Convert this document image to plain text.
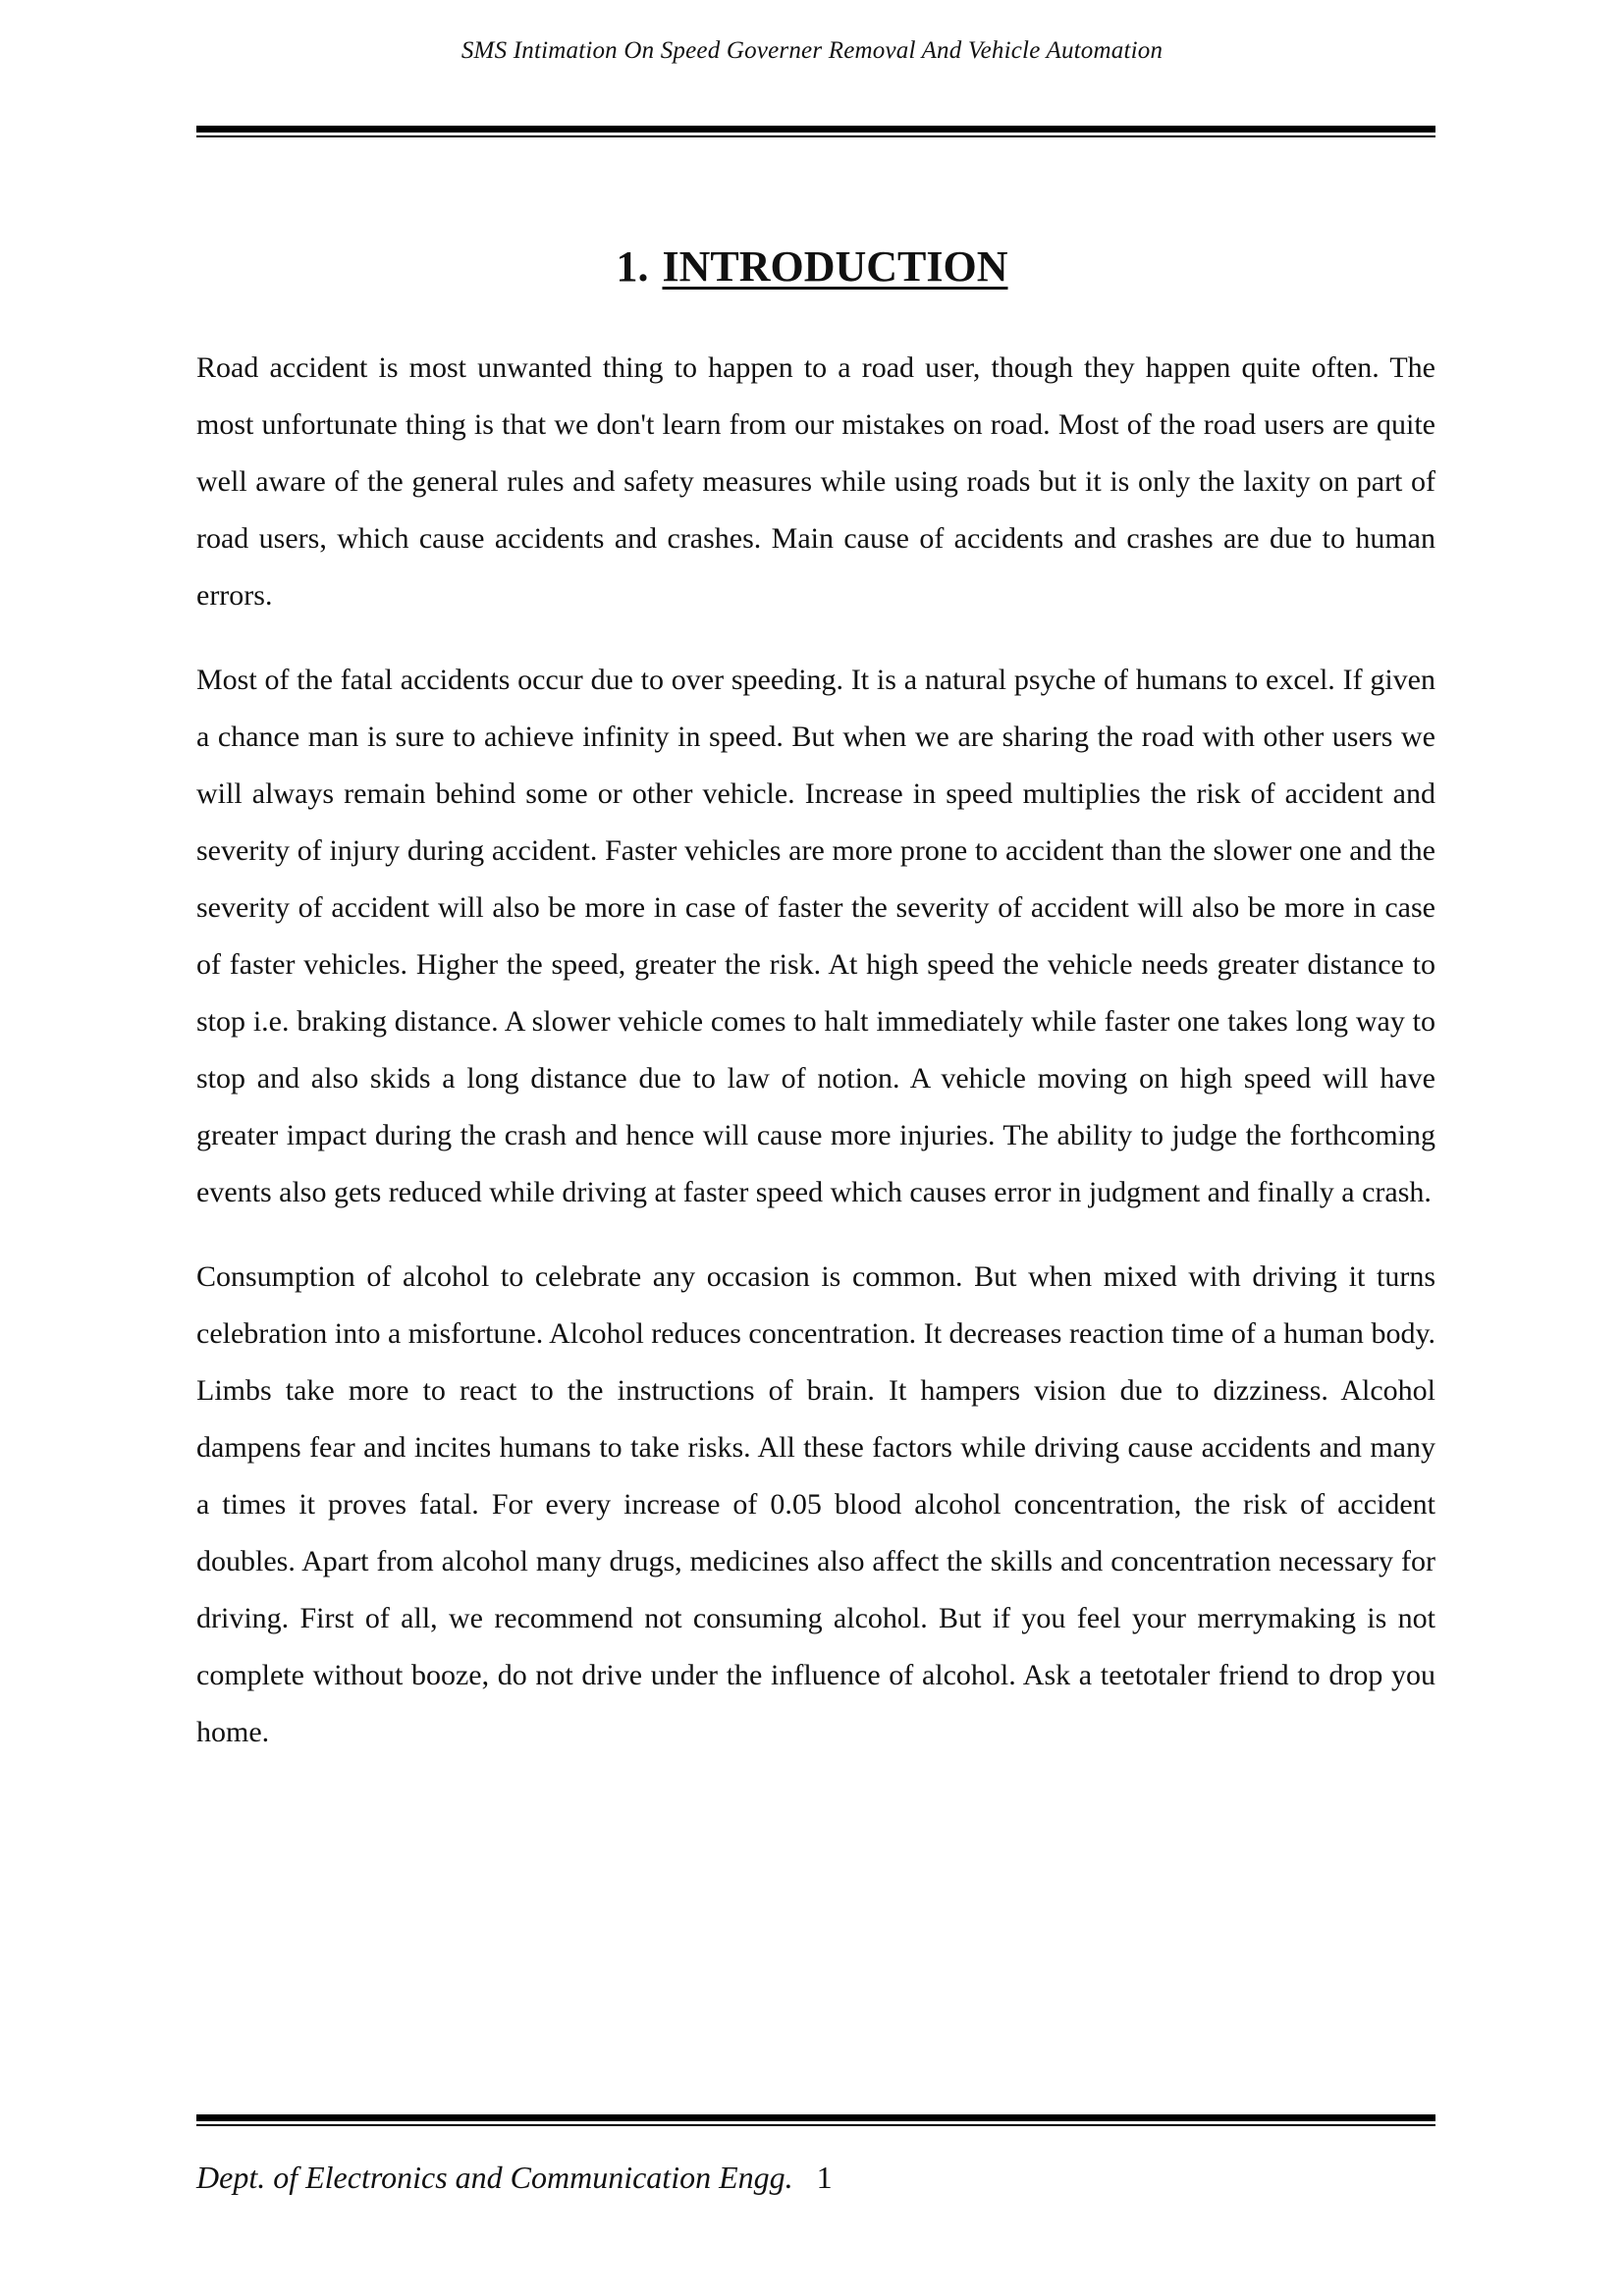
SMS Intimation On Speed Governer Removal And Vehicle Automation
1. INTRODUCTION

Road accident is most unwanted thing to happen to a road user, though they happen quite often. The most unfortunate thing is that we don't learn from our mistakes on road. Most of the road users are quite well aware of the general rules and safety measures while using roads but it is only the laxity on part of road users, which cause accidents and crashes. Main cause of accidents and crashes are due to human errors.

Most of the fatal accidents occur due to over speeding. It is a natural psyche of humans to excel. If given a chance man is sure to achieve infinity in speed. But when we are sharing the road with other users we will always remain behind some or other vehicle. Increase in speed multiplies the risk of accident and severity of injury during accident. Faster vehicles are more prone to accident than the slower one and the severity of accident will also be more in case of faster the severity of accident will also be more in case of faster vehicles. Higher the speed, greater the risk. At high speed the vehicle needs greater distance to stop i.e. braking distance. A slower vehicle comes to halt immediately while faster one takes long way to stop and also skids a long distance due to law of notion. A vehicle moving on high speed will have greater impact during the crash and hence will cause more injuries. The ability to judge the forthcoming events also gets reduced while driving at faster speed which causes error in judgment and finally a crash.

Consumption of alcohol to celebrate any occasion is common. But when mixed with driving it turns celebration into a misfortune. Alcohol reduces concentration. It decreases reaction time of a human body. Limbs take more to react to the instructions of brain. It hampers vision due to dizziness. Alcohol dampens fear and incites humans to take risks. All these factors while driving cause accidents and many a times it proves fatal. For every increase of 0.05 blood alcohol concentration, the risk of accident doubles. Apart from alcohol many drugs, medicines also affect the skills and concentration necessary for driving. First of all, we recommend not consuming alcohol. But if you feel your merrymaking is not complete without booze, do not drive under the influence of alcohol. Ask a teetotaler friend to drop you home.

Dept. of Electronics and Communication Engg. 1
